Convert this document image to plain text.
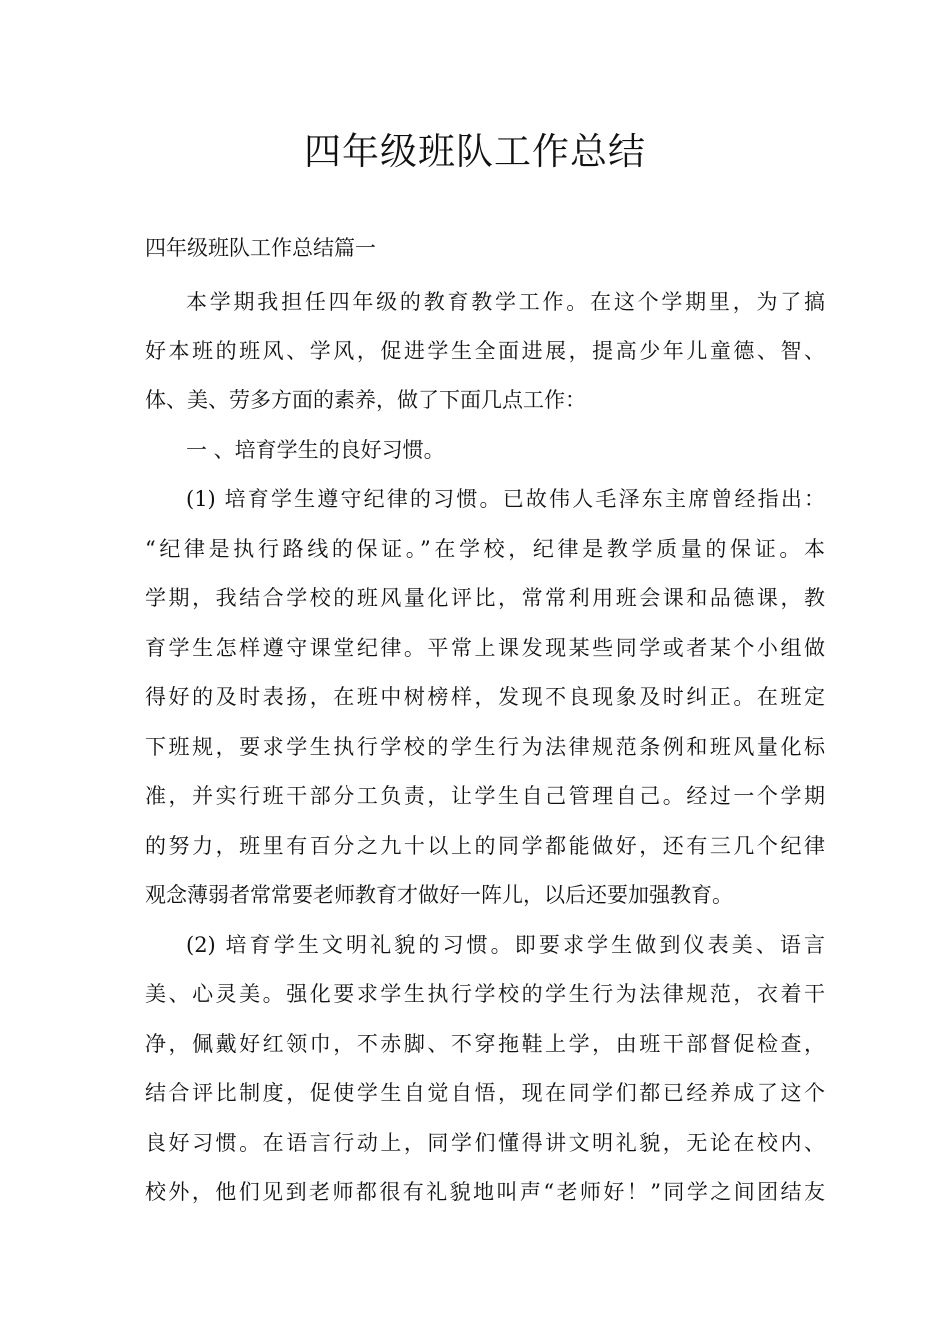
四年级班队工作总结

四年级班队工作总结篇一

本学期我担任四年级的教育教学工作。在这个学期里，为了搞

好本班的班风、学风，促进学生全面进展，提高少年儿童德、智、

体、美、劳多方面的素养，做了下面几点工作：

一 、培育学生的良好习惯。

(1) 培育学生遵守纪律的习惯。已故伟人毛泽东主席曾经指出：

“纪律是执行路线的保证。”在学校，纪律是教学质量的保证。本

学期，我结合学校的班风量化评比，常常利用班会课和品德课，教

育学生怎样遵守课堂纪律。平常上课发现某些同学或者某个小组做

得好的及时表扬，在班中树榜样，发现不良现象及时纠正。在班定

下班规，要求学生执行学校的学生行为法律规范条例和班风量化标

准，并实行班干部分工负责，让学生自己管理自己。经过一个学期

的努力，班里有百分之九十以上的同学都能做好，还有三几个纪律

观念薄弱者常常要老师教育才做好一阵儿，以后还要加强教育。

(2) 培育学生文明礼貌的习惯。即要求学生做到仪表美、语言

美、心灵美。强化要求学生执行学校的学生行为法律规范，衣着干

净，佩戴好红领巾，不赤脚、不穿拖鞋上学，由班干部督促检查，

结合评比制度，促使学生自觉自悟，现在同学们都已经养成了这个

良好习惯。在语言行动上，同学们懂得讲文明礼貌，无论在校内、

校外，他们见到老师都很有礼貌地叫声“老师好！”同学之间团结友
